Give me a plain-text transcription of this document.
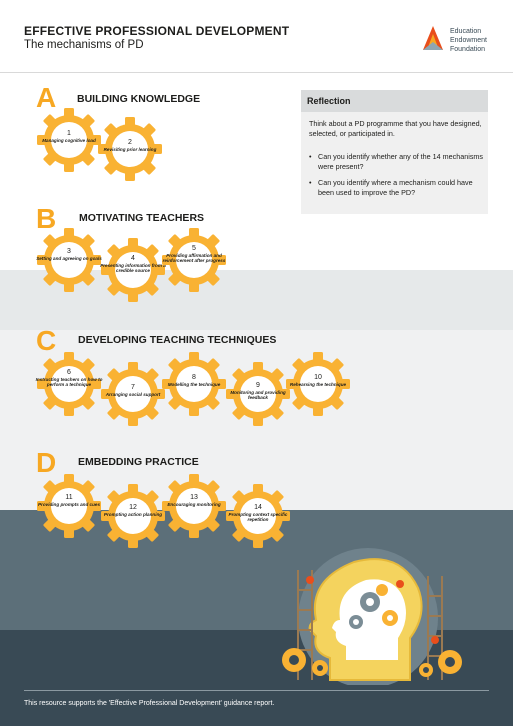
EFFECTIVE PROFESSIONAL DEVELOPMENT
The mechanisms of PD
Education
Endowment
Foundation
A BUILDING KNOWLEDGE
B MOTIVATING TEACHERS
C DEVELOPING TEACHING TECHNIQUES
D EMBEDDING PRACTICE
1
Managing cognitive load	2
Revisiting prior learning
3
Setting and agreeing on goals	4
Presenting information from a credible source
5
Providing affirmation and reinforcement after progress
6
Instructing teachers on how to perform a technique	7
Arranging social support
8
Modelling the technique	9
Monitoring and providing feedback
10
Rehearsing the technique
11
Providing prompts and cues	12
Prompting action planning
13
Encouraging monitoring	14
Prompting context specific repetition
Reflection
Think about a PD programme that you have designed, selected, or participated in.
• Can you identify whether any of the 14 mechanisms were present?
• Can you identify where a mechanism could have been used to improve the PD?
This resource supports the 'Effective Professional Development' guidance report.
